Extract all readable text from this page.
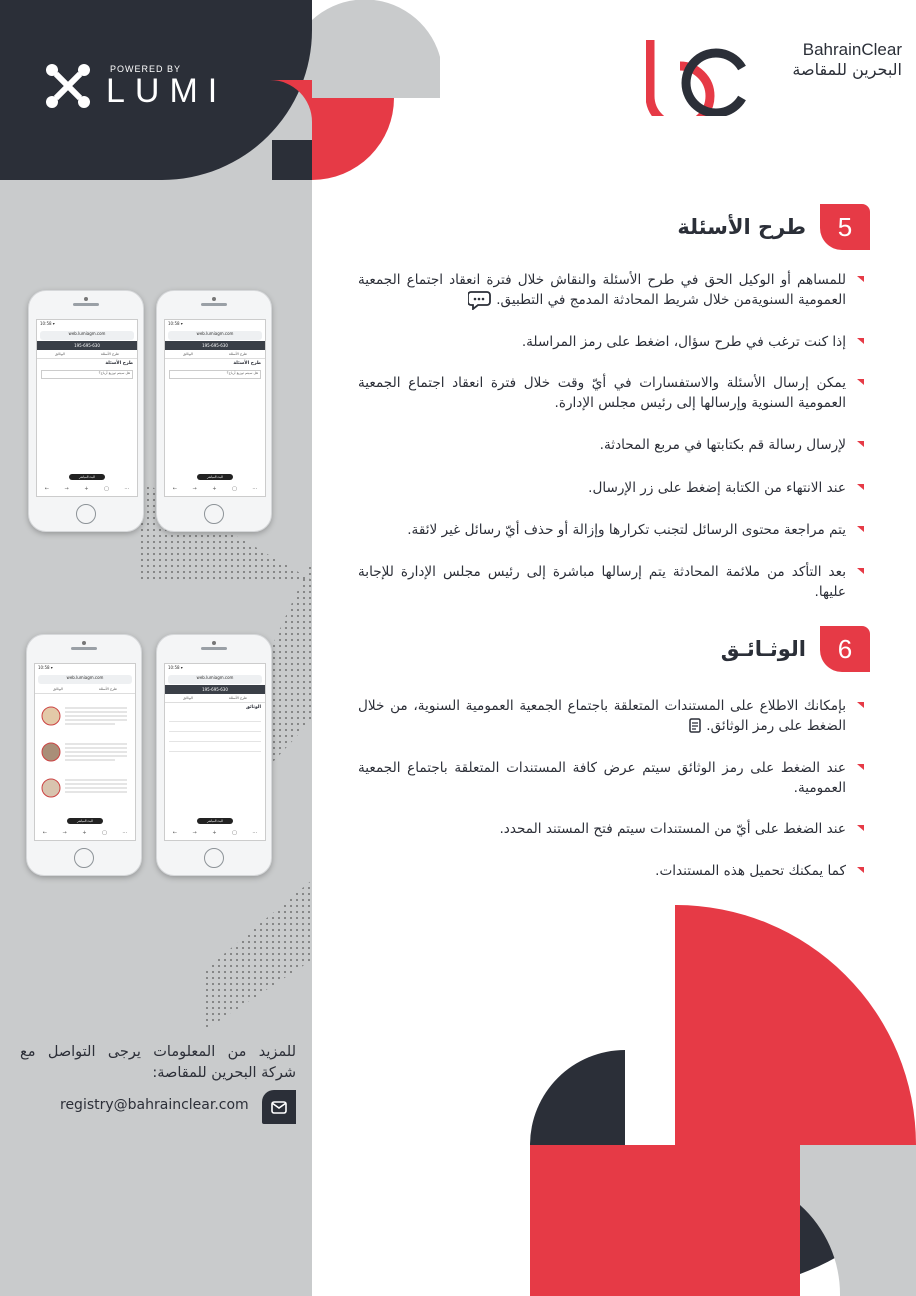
POWERED BY
LUMI
BahrainClear
البحرين للمقاصة
5
طرح الأسئلة
للمساهم أو الوكيل الحق في طرح الأسئلة والنقاش خلال فترة انعقاد اجتماع الجمعية العمومية السنويةمن خلال شريط المحادثة المدمج في التطبيق.
إذا كنت ترغب في طرح سؤال، اضغط على رمز المراسلة.
يمكن إرسال الأسئلة والاستفسارات في أيّ وقت خلال فترة انعقاد اجتماع الجمعية العمومية السنوية وإرسالها إلى رئيس مجلس الإدارة.
لإرسال رسالة قم بكتابتها في مربع المحادثة.
عند الانتهاء من الكتابة إضغط على زر الإرسال.
يتم مراجعة محتوى الرسائل لتجنب تكرارها وإزالة أو حذف أيّ رسائل غير لائقة.
بعد التأكد من ملائمة المحادثة يتم إرسالها مباشرة إلى رئيس مجلس الإدارة للإجابة عليها.
6
الوثـائـق
بإمكانك الاطلاع على المستندات المتعلقة باجتماع الجمعية العمومية السنوية، من خلال الضغط على رمز الوثائق.
عند الضغط على رمز الوثائق سيتم عرض كافة المستندات المتعلقة باجتماع الجمعية العمومية.
عند الضغط على أيّ من المستندات سيتم فتح المستند المحدد.
كما يمكنك تحميل هذه المستندات.
10:58 ▾
web.lumiagm.com
195-695-630
الوثائق	طرح الأسئلة
طرح الأسئلة
هل سيتم توزيع أرباح؟
البث المباشر
←	→	+	▢	···
10:58 ▾
web.lumiagm.com
195-695-630
الوثائق	طرح الأسئلة
طرح الأسئلة
هل سيتم توزيع أرباح؟
البث المباشر
←	→	+	▢	···
10:58 ▾
web.lumiagm.com
الوثائق	طرح الأسئلة
البث المباشر
←	→	+	▢	···
10:58 ▾
web.lumiagm.com
195-695-630
الوثائق	طرح الأسئلة
الوثائق
البث المباشر
←	→	+	▢	···
للمزيد من المعلومات يرجى التواصل مع شركة البحرين للمقاصة:
registry@bahrainclear.com
